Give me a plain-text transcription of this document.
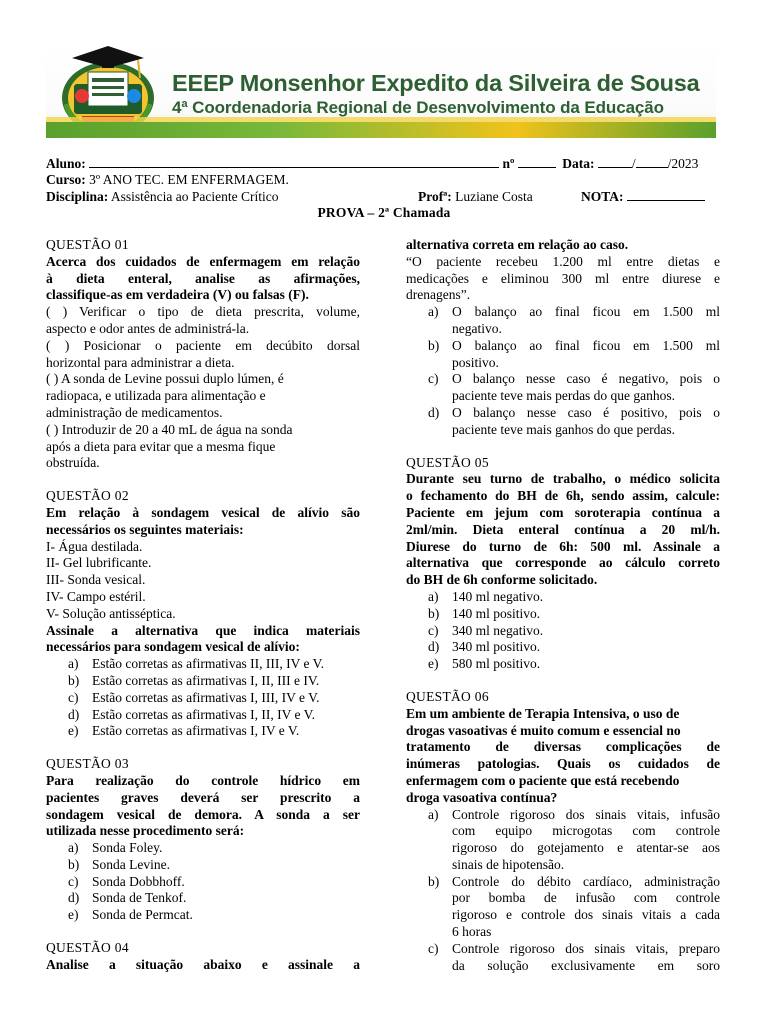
EEEP Monsenhor Expedito da Silveira de Sousa
4ª Coordenadoria Regional de Desenvolvimento da Educação
Aluno:	nº	Data:	/ /2023
Curso: 3º ANO TEC. EM ENFERMAGEM.
Disciplina: Assistência ao Paciente Crítico	Profª: Luziane Costa	NOTA:
PROVA – 2ª Chamada
QUESTÃO 01
Acerca dos cuidados de enfermagem em relação
à dieta enteral, analise as afirmações,
classifique-as em verdadeira (V) ou falsas (F).
( ) Verificar o tipo de dieta prescrita, volume,
aspecto e odor antes de administrá-la.
( ) Posicionar o paciente em decúbito dorsal
horizontal para administrar a dieta.
( ) A sonda de Levine possui duplo lúmen, é
radiopaca, e utilizada para alimentação e
administração de medicamentos.
( ) Introduzir de 20 a 40 mL de água na sonda
após a dieta para evitar que a mesma fique
obstruída.
QUESTÃO 02
Em relação à sondagem vesical de alívio são
necessários os seguintes materiais:
I- Água destilada.
II- Gel lubrificante.
III- Sonda vesical.
IV- Campo estéril.
V- Solução antisséptica.
Assinale a alternativa que indica materiais
necessários para sondagem vesical de alívio:
a) Estão corretas as afirmativas II, III, IV e V.
b) Estão corretas as afirmativas I, II, III e IV.
c) Estão corretas as afirmativas I, III, IV e V.
d) Estão corretas as afirmativas I, II, IV e V.
e) Estão corretas as afirmativas I, IV e V.
QUESTÃO 03
Para realização do controle hídrico em
pacientes graves deverá ser prescrito a
sondagem vesical de demora. A sonda a ser
utilizada nesse procedimento será:
a) Sonda Foley.
b) Sonda Levine.
c) Sonda Dobbhoff.
d) Sonda de Tenkof.
e) Sonda de Permcat.
QUESTÃO 04
Analise a situação abaixo e assinale a
alternativa correta em relação ao caso.
“O paciente recebeu 1.200 ml entre dietas e
medicações e eliminou 300 ml entre diurese e
drenagens”.
a) O balanço ao final ficou em 1.500 ml
negativo.
b) O balanço ao final ficou em 1.500 ml
positivo.
c) O balanço nesse caso é negativo, pois o
paciente teve mais perdas do que ganhos.
d) O balanço nesse caso é positivo, pois o
paciente teve mais ganhos do que perdas.
QUESTÃO 05
Durante seu turno de trabalho, o médico solicita
o fechamento do BH de 6h, sendo assim, calcule:
Paciente em jejum com soroterapia contínua a
2ml/min. Dieta enteral contínua a 20 ml/h.
Diurese do turno de 6h: 500 ml. Assinale a
alternativa que corresponde ao cálculo correto
do BH de 6h conforme solicitado.
a) 140 ml negativo.
b) 140 ml positivo.
c) 340 ml negativo.
d) 340 ml positivo.
e) 580 ml positivo.
QUESTÃO 06
Em um ambiente de Terapia Intensiva, o uso de
drogas vasoativas é muito comum e essencial no
tratamento de diversas complicações de
inúmeras patologias. Quais os cuidados de
enfermagem com o paciente que está recebendo
droga vasoativa contínua?
a) Controle rigoroso dos sinais vitais, infusão
com equipo microgotas com controle
rigoroso do gotejamento e atentar-se aos
sinais de hipotensão.
b) Controle do débito cardíaco, administração
por bomba de infusão com controle
rigoroso e controle dos sinais vitais a cada
6 horas
c) Controle rigoroso dos sinais vitais, preparo
da solução exclusivamente em soro
